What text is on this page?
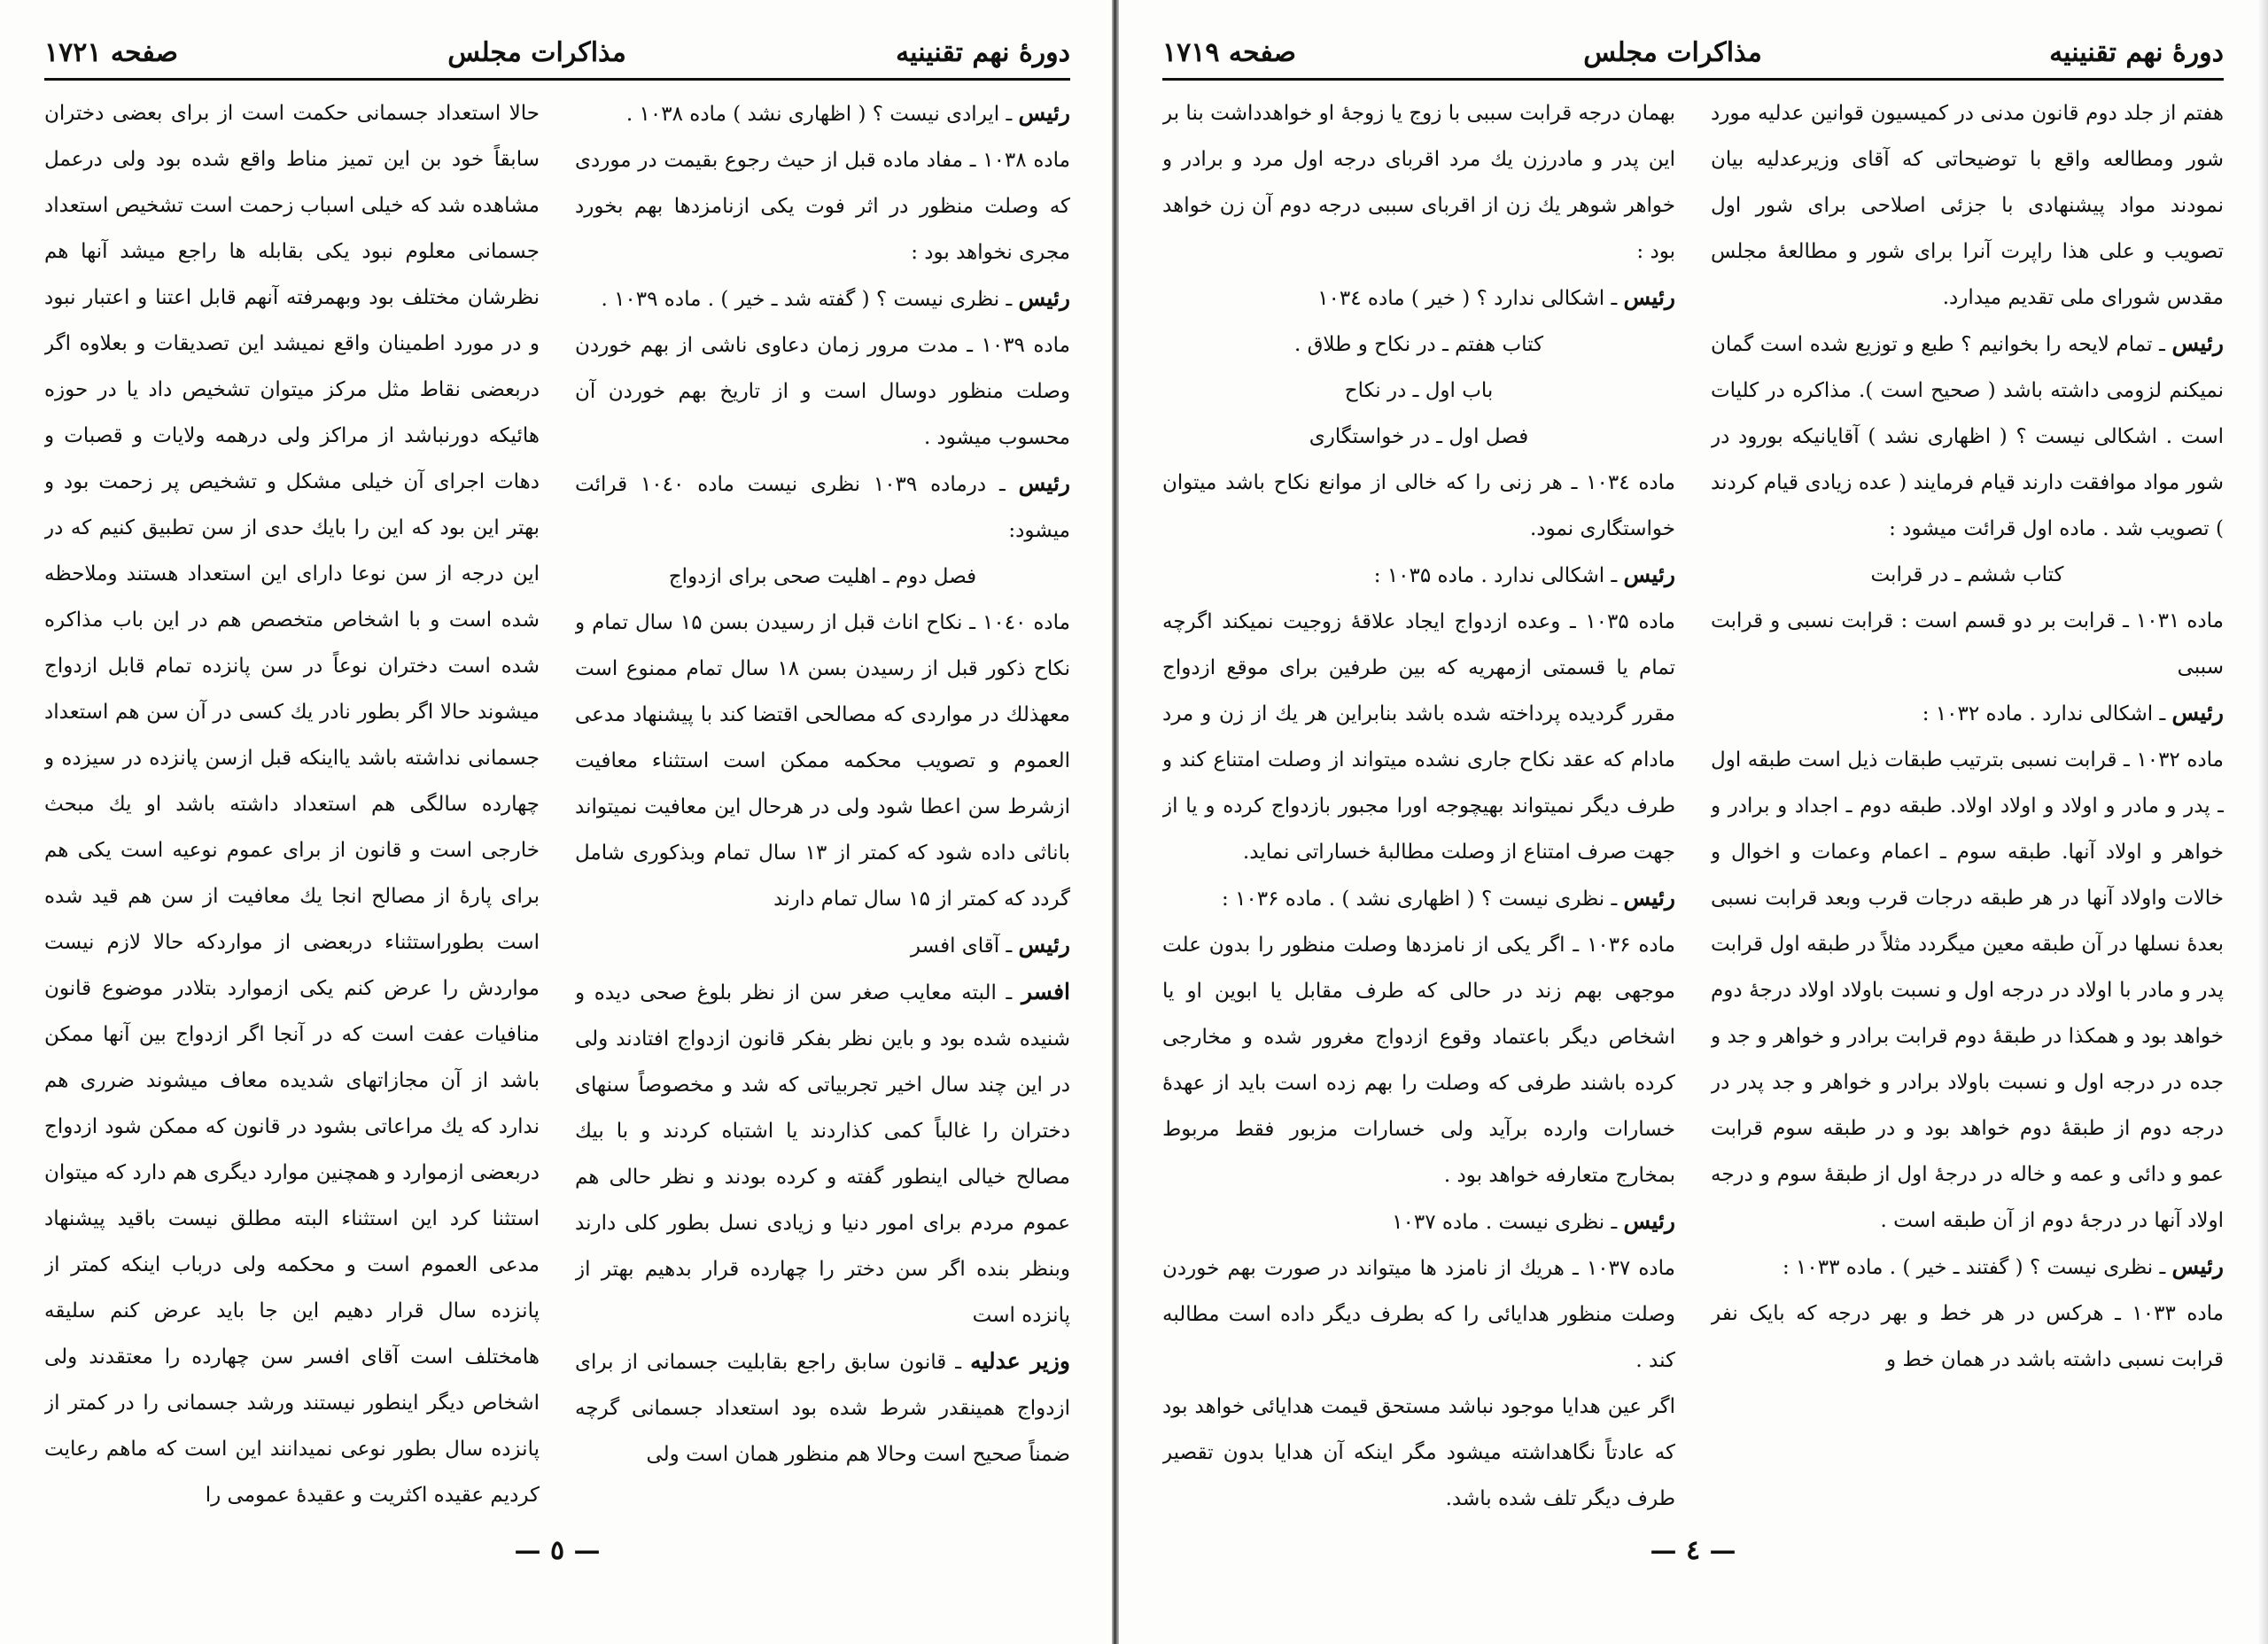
دورهٔ نهم تقنینیه
مذاکرات مجلس
صفحه ۱۷۲۱

رئیس ـ ایرادی نیست ؟ ( اظهاری نشد ) ماده ۱۰۳۸ .

ماده ۱۰۳۸ ـ مفاد ماده قبل از حیث رجوع بقیمت در موردی که وصلت منظور در اثر فوت یکی ازنامزدها بهم بخورد مجری نخواهد بود :

رئیس ـ نظری نیست ؟ ( گفته شد ـ خیر ) . ماده ۱۰۳۹ .

ماده ۱۰۳۹ ـ مدت مرور زمان دعاوی ناشی از بهم خوردن وصلت منظور دوسال است و از تاریخ بهم خوردن آن محسوب میشود .

رئیس ـ درماده ۱۰۳۹ نظری نیست ماده ۱۰٤۰ قرائت میشود:

فصل دوم ـ اهلیت صحی برای ازدواج

ماده ۱۰٤۰ ـ نکاح اناث قبل از رسیدن بسن ۱۵ سال تمام و نکاح ذکور قبل از رسیدن بسن ۱۸ سال تمام ممنوع است معهذلك در مواردی که مصالحی اقتضا کند با پیشنهاد مدعی العموم و تصویب محکمه ممکن است استثناء معافیت ازشرط سن اعطا شود ولی در هرحال این معافیت نمیتواند باناثی داده شود که کمتر از ۱۳ سال تمام وبذکوری شامل گردد که کمتر از ۱۵ سال تمام دارند

رئیس ـ آقای افسر

افسر ـ البته معایب صغر سن از نظر بلوغ صحی دیده و شنیده شده بود و باین نظر بفکر قانون ازدواج افتادند ولی در این چند سال اخیر تجربیاتی که شد و مخصوصاً سنهای دختران را غالباً کمی کذاردند یا اشتباه کردند و با بیك مصالح خیالی اینطور گفته و کرده بودند و نظر حالی هم عموم مردم برای امور دنیا و زیادی نسل بطور کلی دارند وبنظر بنده اگر سن دختر را چهارده قرار بدهیم بهتر از پانزده است

وزیر عدلیه ـ قانون سابق راجع بقابلیت جسمانی از برای ازدواج همینقدر شرط شده بود استعداد جسمانی گرچه ضمناً صحیح است وحالا هم منظور همان است ولی

حالا استعداد جسمانی حکمت است از برای بعضی دختران سابقاً خود بن این تمیز مناط واقع شده بود ولی درعمل مشاهده شد که خیلی اسباب زحمت است تشخیص استعداد جسمانی معلوم نبود یکی بقابله ها راجع میشد آنها هم نظرشان مختلف بود وبهمرفته آنهم قابل اعتنا و اعتبار نبود و در مورد اطمینان واقع نمیشد این تصدیقات و بعلاوه اگر دربعضی نقاط مثل مرکز میتوان تشخیص داد یا در حوزه هائیکه دورنباشد از مراکز ولی درهمه ولایات و قصبات و دهات اجرای آن خیلی مشکل و تشخیص پر زحمت بود و بهتر این بود که این را بایك حدی از سن تطبیق کنیم که در این درجه از سن نوعا دارای این استعداد هستند وملاحظه شده است و با اشخاص متخصص هم در این باب مذاکره شده است دختران نوعاً در سن پانزده تمام قابل ازدواج میشوند حالا اگر بطور نادر یك کسی در آن سن هم استعداد جسمانی نداشته باشد یااینکه قبل ازسن پانزده در سیزده و چهارده سالگی هم استعداد داشته باشد او یك مبحث خارجی است و قانون از برای عموم نوعیه است یکی هم برای پارهٔ از مصالح انجا یك معافیت از سن هم قید شده است بطوراستثناء دربعضی از مواردکه حالا لازم نیست مواردش را عرض کنم یکی ازموارد بتلادر موضوع قانون منافیات عفت است که در آنجا اگر ازدواج بین آنها ممکن باشد از آن مجازاتهای شدیده معاف میشوند ضرری هم ندارد که یك مراعاتی بشود در قانون که ممکن شود ازدواج دربعضی ازموارد و همچنین موارد دیگری هم دارد که میتوان استثنا کرد این استثناء البته مطلق نیست باقید پیشنهاد مدعی العموم است و محکمه ولی درباب اینکه کمتر از پانزده سال قرار دهیم این جا باید عرض کنم سلیقه هامختلف است آقای افسر سن چهارده را معتقدند ولی اشخاص دیگر اینطور نیستند ورشد جسمانی را در کمتر از پانزده سال بطور نوعی نمیدانند این است که ماهم رعایت کردیم عقیده اکثریت و عقیدهٔ عمومی را

— ٥ —
دورهٔ نهم تقنینیه
مذاکرات مجلس
صفحه ۱۷۱۹

هفتم از جلد دوم قانون مدنی در کمیسیون قوانین عدلیه مورد شور ومطالعه واقع با توضیحاتی که آقای وزیرعدلیه بیان نمودند مواد پیشنهادی با جزئی اصلاحی برای شور اول تصویب و علی هذا راپرت آنرا برای شور و مطالعهٔ مجلس مقدس شورای ملی تقدیم میدارد.

رئیس ـ تمام لایحه را بخوانیم ؟ طبع و توزیع شده است گمان نمیکنم لزومی داشته باشد ( صحیح است ). مذاکره در کلیات است . اشکالی نیست ؟ ( اظهاری نشد ) آقایانیکه بورود در شور مواد موافقت دارند قیام فرمایند ( عده زیادی قیام کردند ) تصویب شد . ماده اول قرائت میشود :

کتاب ششم ـ در قرابت

ماده ۱۰۳۱ ـ قرابت بر دو قسم است : قرابت نسبی و قرابت سببی

رئیس ـ اشکالی ندارد . ماده ۱۰۳۲ :

ماده ۱۰۳۲ ـ قرابت نسبی بترتیب طبقات ذیل است طبقه اول ـ پدر و مادر و اولاد و اولاد اولاد. طبقه دوم ـ اجداد و برادر و خواهر و اولاد آنها. طبقه سوم ـ اعمام وعمات و اخوال و خالات واولاد آنها در هر طبقه درجات قرب وبعد قرابت نسبی بعدهٔ نسلها در آن طبقه معین میگردد مثلاً در طبقه اول قرابت پدر و مادر با اولاد در درجه اول و نسبت باولاد اولاد درجهٔ دوم خواهد بود و همکذا در طبقهٔ دوم قرابت برادر و خواهر و جد و جده در درجه اول و نسبت باولاد برادر و خواهر و جد پدر در درجه دوم از طبقهٔ دوم خواهد بود و در طبقه سوم قرابت عمو و دائی و عمه و خاله در درجهٔ اول از طبقهٔ سوم و درجه اولاد آنها در درجهٔ دوم از آن طبقه است .

رئیس ـ نظری نیست ؟ ( گفتند ـ خیر ) . ماده ۱۰۳۳ :

ماده ۱۰۳۳ ـ هرکس در هر خط و بهر درجه که بایک نفر قرابت نسبی داشته باشد در همان خط و

بهمان درجه قرابت سببی با زوج یا زوجهٔ او خواهدداشت بنا بر این پدر و مادرزن یك مرد اقربای درجه اول مرد و برادر و خواهر شوهر یك زن از اقربای سببی درجه دوم آن زن خواهد بود :

رئیس ـ اشکالی ندارد ؟ ( خیر ) ماده ۱۰۳٤

کتاب هفتم ـ در نکاح و طلاق .

باب اول ـ در نکاح

فصل اول ـ در خواستگاری

ماده ۱۰۳٤ ـ هر زنی را که خالی از موانع نکاح باشد میتوان خواستگاری نمود.

رئیس ـ اشکالی ندارد . ماده ۱۰۳۵ :

ماده ۱۰۳۵ ـ وعده ازدواج ایجاد علاقهٔ زوجیت نمیکند اگرچه تمام یا قسمتی ازمهریه که بین طرفین برای موقع ازدواج مقرر گردیده پرداخته شده باشد بنابراین هر یك از زن و مرد مادام که عقد نکاح جاری نشده میتواند از وصلت امتناع کند و طرف دیگر نمیتواند بهیچوجه اورا مجبور بازدواج کرده و یا از جهت صرف امتناع از وصلت مطالبهٔ خساراتی نماید.

رئیس ـ نظری نیست ؟ ( اظهاری نشد ) . ماده ۱۰۳۶ :

ماده ۱۰۳۶ ـ اگر یکی از نامزدها وصلت منظور را بدون علت موجهی بهم زند در حالی که طرف مقابل یا ابوین او یا اشخاص دیگر باعتماد وقوع ازدواج مغرور شده و مخارجی کرده باشند طرفی که وصلت را بهم زده است باید از عهدهٔ خسارات وارده برآید ولی خسارات مزبور فقط مربوط بمخارج متعارفه خواهد بود .

رئیس ـ نظری نیست . ماده ۱۰۳۷

ماده ۱۰۳۷ ـ هریك از نامزد ها میتواند در صورت بهم خوردن وصلت منظور هدایائی را که بطرف دیگر داده است مطالبه کند .

اگر عین هدایا موجود نباشد مستحق قیمت هدایائی خواهد بود که عادتاً نگاهداشته میشود مگر اینکه آن هدایا بدون تقصیر طرف دیگر تلف شده باشد.

— ٤ —
